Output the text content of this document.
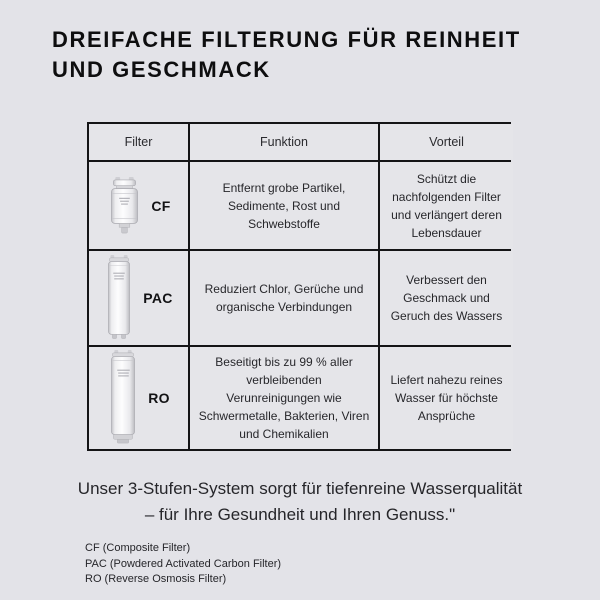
DREIFACHE FILTERUNG FÜR REINHEIT
UND GESCHMACK
Filter	Funktion	Vorteil
CF
Entfernt grobe Partikel, Sedimente, Rost und Schwebstoffe
Schützt die nachfolgenden Filter und verlängert deren Lebensdauer
PAC
Reduziert Chlor, Gerüche und organische Verbindungen
Verbessert den Geschmack und Geruch des Wassers
RO
Beseitigt bis zu 99 % aller verbleibenden Verunreinigungen wie Schwermetalle, Bakterien, Viren und Chemikalien
Liefert nahezu reines Wasser für höchste Ansprüche

Unser 3-Stufen-System sorgt für tiefenreine Wasserqualität
– für Ihre Gesundheit und Ihren Genuss."

CF (Composite Filter)
PAC (Powdered Activated Carbon Filter)
RO (Reverse Osmosis Filter)
